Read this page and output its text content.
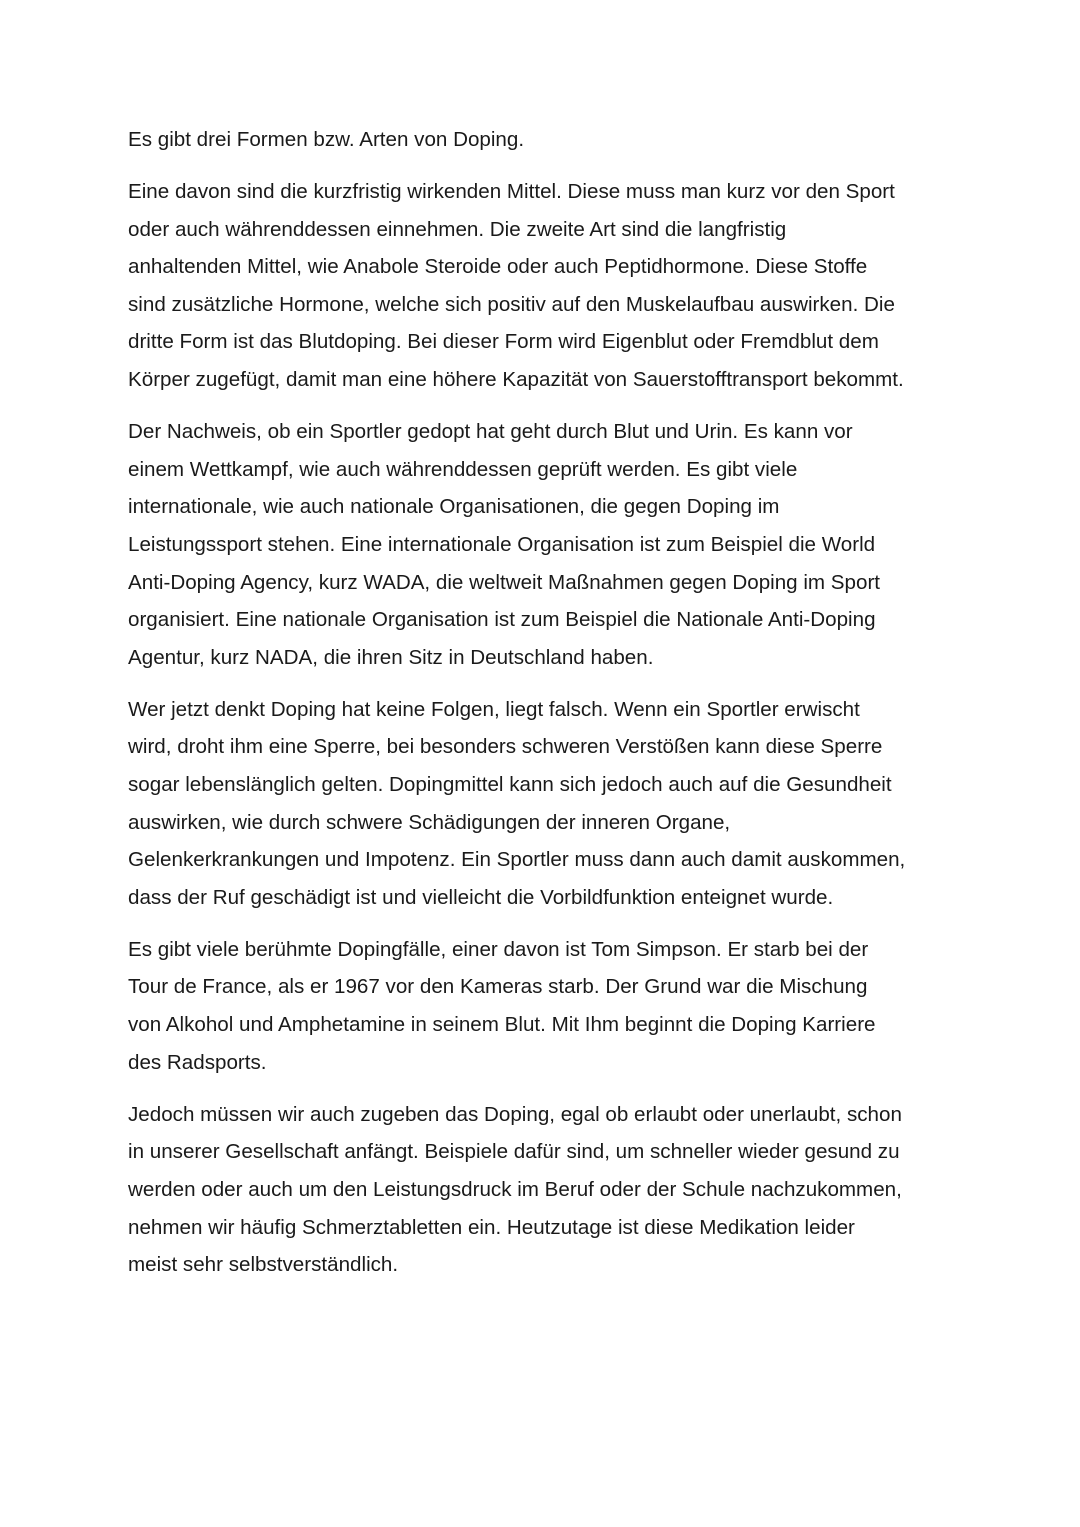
Es gibt drei Formen bzw. Arten von Doping.

Eine davon sind die kurzfristig wirkenden Mittel. Diese muss man kurz vor den Sport
oder auch währenddessen einnehmen. Die zweite Art sind die langfristig
anhaltenden Mittel, wie Anabole Steroide oder auch Peptidhormone. Diese Stoffe
sind zusätzliche Hormone, welche sich positiv auf den Muskelaufbau auswirken. Die
dritte Form ist das Blutdoping. Bei dieser Form wird Eigenblut oder Fremdblut dem
Körper zugefügt, damit man eine höhere Kapazität von Sauerstofftransport bekommt.

Der Nachweis, ob ein Sportler gedopt hat geht durch Blut und Urin. Es kann vor
einem Wettkampf, wie auch währenddessen geprüft werden. Es gibt viele
internationale, wie auch nationale Organisationen, die gegen Doping im
Leistungssport stehen. Eine internationale Organisation ist zum Beispiel die World
Anti-Doping Agency, kurz WADA, die weltweit Maßnahmen gegen Doping im Sport
organisiert. Eine nationale Organisation ist zum Beispiel die Nationale Anti-Doping
Agentur, kurz NADA, die ihren Sitz in Deutschland haben.

Wer jetzt denkt Doping hat keine Folgen, liegt falsch. Wenn ein Sportler erwischt
wird, droht ihm eine Sperre, bei besonders schweren Verstößen kann diese Sperre
sogar lebenslänglich gelten. Dopingmittel kann sich jedoch auch auf die Gesundheit
auswirken, wie durch schwere Schädigungen der inneren Organe,
Gelenkerkrankungen und Impotenz. Ein Sportler muss dann auch damit auskommen,
dass der Ruf geschädigt ist und vielleicht die Vorbildfunktion enteignet wurde.

Es gibt viele berühmte Dopingfälle, einer davon ist Tom Simpson. Er starb bei der
Tour de France, als er 1967 vor den Kameras starb. Der Grund war die Mischung
von Alkohol und Amphetamine in seinem Blut. Mit Ihm beginnt die Doping Karriere
des Radsports.

Jedoch müssen wir auch zugeben das Doping, egal ob erlaubt oder unerlaubt, schon
in unserer Gesellschaft anfängt. Beispiele dafür sind, um schneller wieder gesund zu
werden oder auch um den Leistungsdruck im Beruf oder der Schule nachzukommen,
nehmen wir häufig Schmerztabletten ein. Heutzutage ist diese Medikation leider
meist sehr selbstverständlich.
